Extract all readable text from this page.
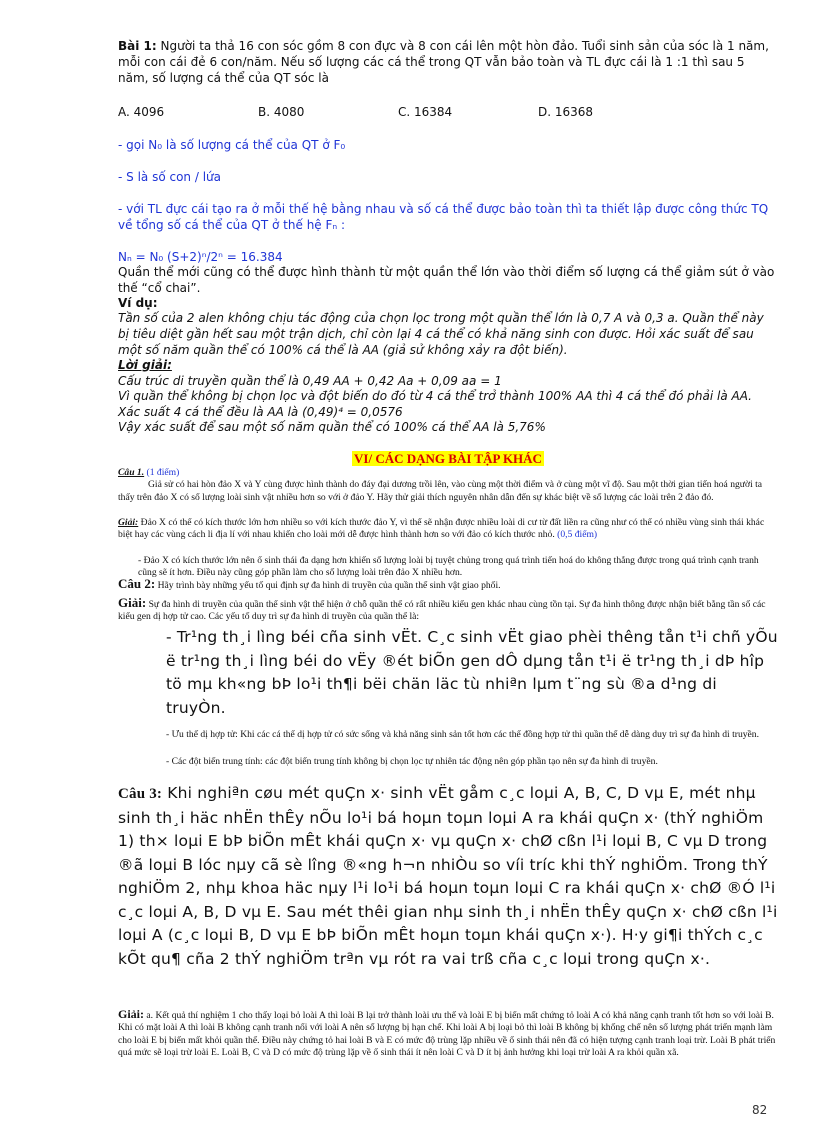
Bài 1: Người ta thả 16 con sóc gồm 8 con đực và 8 con cái lên một hòn đảo. Tuổi sinh sản của sóc là 1 năm, mỗi con cái đẻ 6 con/năm. Nếu số lượng các cá thể trong QT vẫn bảo toàn và TL đực cái là 1 :1 thì sau 5 năm, số lượng cá thể của QT sóc là
A. 4096	B. 4080	C. 16384	D. 16368

- gọi N₀ là số lượng cá thể của QT ở F₀

- S là số con / lứa

- với TL đực cái tạo ra ở mỗi thế hệ bằng nhau và số cá thể được bảo toàn thì ta thiết lập được công thức TQ về tổng số cá thể của QT ở thế hệ Fₙ :

Nₙ = N₀ (S+2)ⁿ/2ⁿ = 16.384

Quần thể mới cũng có thể được hình thành từ một quần thể lớn vào thời điểm số lượng cá thể giảm sút ở vào thế “cổ chai”.

Ví dụ:

Tần số của 2 alen không chịu tác động của chọn lọc trong một quần thể lớn là 0,7 A và 0,3 a. Quần thể này bị tiêu diệt gần hết sau một trận dịch, chỉ còn lại 4 cá thể có khả năng sinh con được. Hỏi xác suất để sau một số năm quần thể có 100% cá thể là AA (giả sử không xảy ra đột biến).

Lời giải:

Cấu trúc di truyền quần thể là 0,49 AA + 0,42 Aa + 0,09 aa = 1

Vì quần thể không bị chọn lọc và đột biến do đó từ 4 cá thể trở thành 100% AA thì 4 cá thể đó phải là AA.

Xác suất 4 cá thể đều là AA là (0,49)⁴ = 0,0576

Vậy xác suất để sau một số năm quần thể có 100% cá thể AA là 5,76%

VI/ CÁC DẠNG BÀI TẬP KHÁC
Câu 1. (1 điểm)
Giả sử có hai hòn đảo X và Y cùng được hình thành do đáy đại dương trồi lên, vào cùng một thời điểm và ở cùng một vĩ độ. Sau một thời gian tiến hoá người ta thấy trên đảo X có số lượng loài sinh vật nhiều hơn so với ở đảo Y. Hãy thử giải thích nguyên nhân dẫn đến sự khác biệt về số lượng các loài trên 2 đảo đó.
Giải: Đảo X có thể có kích thước lớn hơn nhiều so với kích thước đảo Y, vì thế sẽ nhận được nhiều loài di cư từ đất liền ra cũng như có thể có nhiều vùng sinh thái khác biệt hay các vùng cách li địa lí với nhau khiến cho loài mới dễ được hình thành hơn so với đảo có kích thước nhỏ. (0,5 điểm)

- Đảo X có kích thước lớn nên ổ sinh thái đa dạng hơn khiến số lượng loài bị tuyệt chủng trong quá trình tiến hoá do không thắng được trong quá trình cạnh tranh cũng sẽ ít hơn. Điều này cũng góp phần làm cho số lượng loài trên đảo X nhiều hơn.

Câu 2: Hãy trình bày những yếu tố qui định sự đa hình di truyền của quần thể sinh vật giao phối.
Giải: Sự đa hình di truyền của quần thể sinh vật thể hiện ở chỗ quần thể có rất nhiều kiểu gen khác nhau cùng tồn tại. Sự đa hình thông được nhận biết bằng tần số các kiểu gen dị hợp tử cao. Các yếu tố duy trì sự đa hình di truyền của quần thể là:

- Tr¹ng th¸i lìng béi cña sinh vËt. C¸c sinh vËt giao phèi thêng tån t¹i chñ yÕu ë tr¹ng th¸i lìng béi do vËy ®ét biÕn gen dÔ dµng tån t¹i ë tr¹ng th¸i dÞ hîp tö mµ kh«ng bÞ lo¹i th¶i bëi chän läc tù nhiªn lµm t¨ng sù ®a d¹ng di truyÒn.

- Ưu thế dị hợp tử: Khi các cá thể dị hợp tử có sức sống và khả năng sinh sản tốt hơn các thể đồng hợp tử thì quần thể dễ dàng duy trì sự đa hình di truyền.

- Các đột biến trung tính: các đột biến trung tính không bị chọn lọc tự nhiên tác động nên góp phần tạo nên sự đa hình di truyền.

Câu 3: Khi nghiªn cøu mét quÇn x· sinh vËt gåm c¸c loµi A, B, C, D vµ E, mét nhµ sinh th¸i häc nhËn thÊy nÕu lo¹i bá hoµn toµn loµi A ra khái quÇn x· (thÝ nghiÖm 1) th× loµi E bÞ biÕn mÊt khái quÇn x· vµ quÇn x· chØ cßn l¹i loµi B, C vµ D trong ®ã loµi B lóc nµy cã sè lîng ®«ng h¬n nhiÒu so víi tríc khi thÝ nghiÖm. Trong thÝ nghiÖm 2, nhµ khoa häc nµy l¹i lo¹i bá hoµn toµn loµi C ra khái quÇn x· chØ ®Ó l¹i c¸c loµi A, B, D vµ E. Sau mét thêi gian nhµ sinh th¸i nhËn thÊy quÇn x· chØ cßn l¹i loµi A (c¸c loµi B, D vµ E bÞ biÕn mÊt hoµn toµn khái quÇn x·). H·y gi¶i thÝch c¸c kÕt qu¶ cña 2 thÝ nghiÖm trªn vµ rót ra vai trß cña c¸c loµi trong quÇn x·.
Giải: a. Kết quả thí nghiệm 1 cho thấy loại bỏ loài A thì loài B lại trở thành loài ưu thế và loài E bị biến mất chứng tỏ loài A có khả năng cạnh tranh tốt hơn so với loài B. Khi có mặt loài A thì loài B không cạnh tranh nổi với loài A nên số lượng bị hạn chế. Khi loài A bị loại bỏ thì loài B không bị khống chế nên số lượng phát triển mạnh làm cho loài E bị biến mất khỏi quần thể. Điều này chứng tỏ hai loài B và E có mức độ trùng lặp nhiều về ổ sinh thái nên đã có hiện tượng cạnh tranh loại trừ. Loài B phát triển quá mức sẽ loại trừ loài E. Loài B, C và D có mức độ trùng lặp về ổ sinh thái ít nên loài C và D ít bị ảnh hưởng khi loại trừ loài A ra khỏi quần xã.
82
